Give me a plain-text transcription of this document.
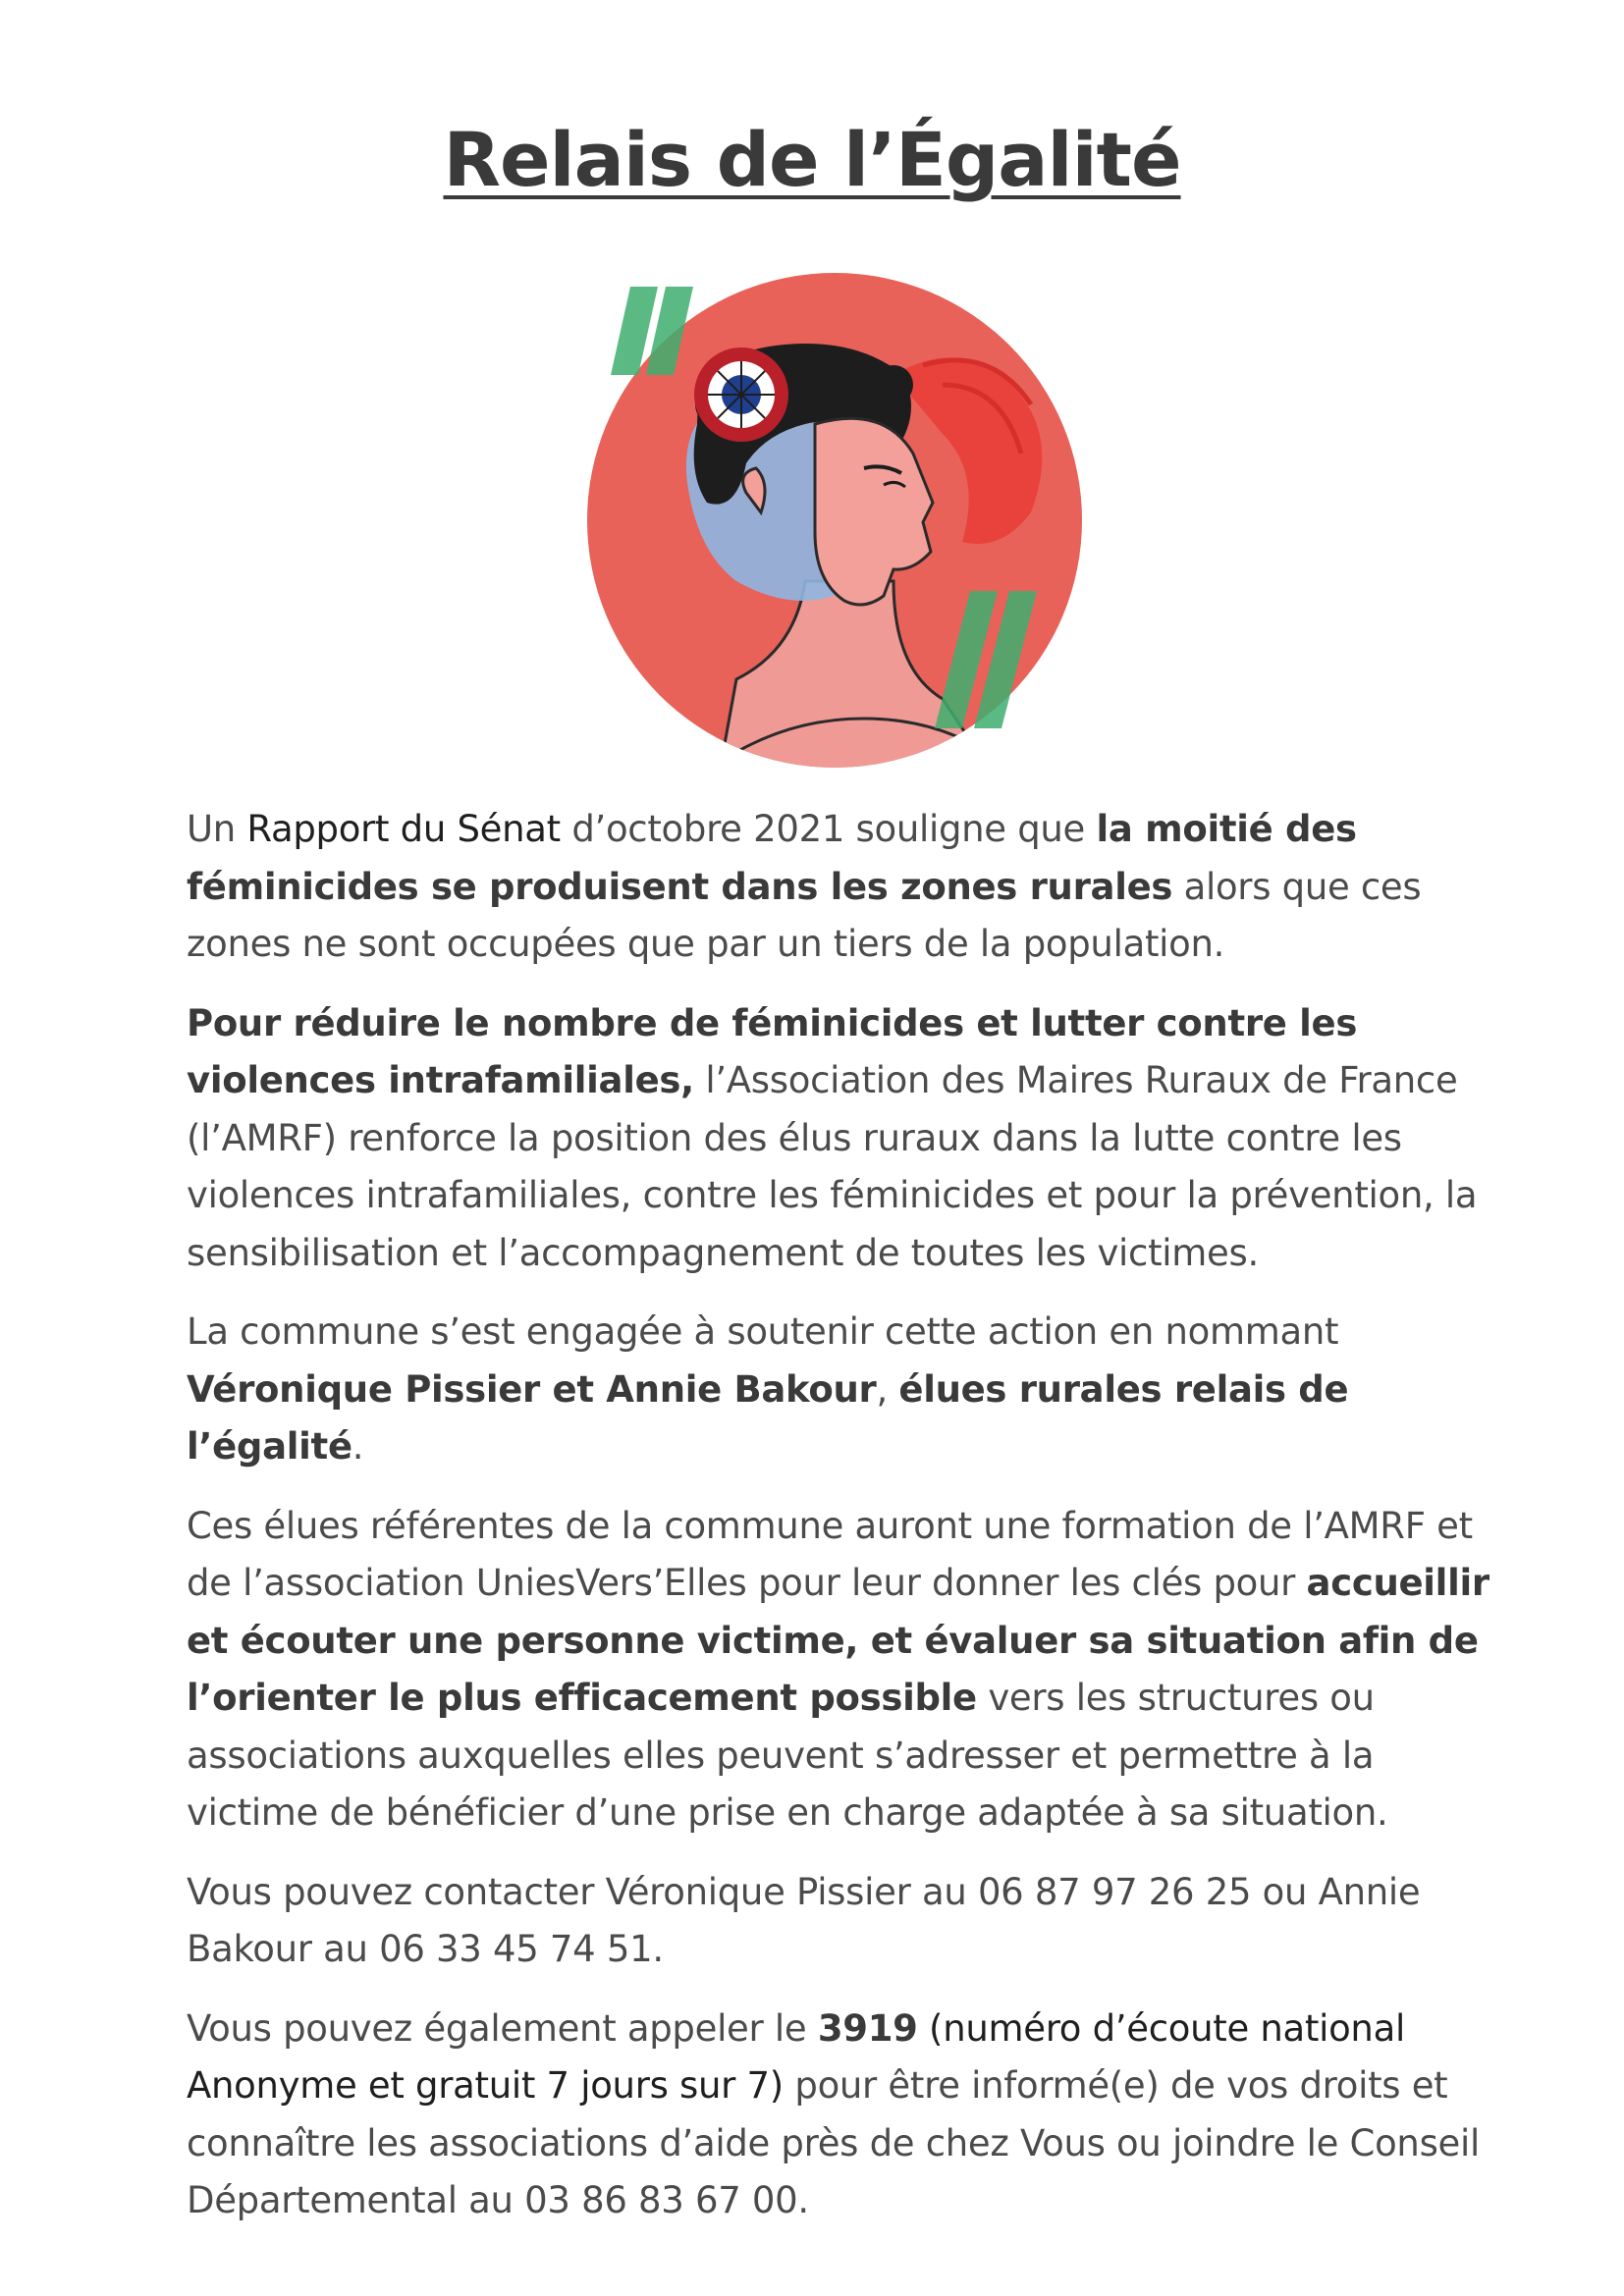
Relais de l’Égalité

Un Rapport du Sénat d’octobre 2021 souligne que la moitié des féminicides se produisent dans les zones rurales alors que ces zones ne sont occupées que par un tiers de la population.

Pour réduire le nombre de féminicides et lutter contre les violences intrafamiliales, l’Association des Maires Ruraux de France (l’AMRF) renforce la position des élus ruraux dans la lutte contre les violences intrafamiliales, contre les féminicides et pour la prévention, la sensibilisation et l’accompagnement de toutes les victimes.

La commune s’est engagée à soutenir cette action en nommant Véronique Pissier et Annie Bakour, élues rurales relais de l’égalité.

Ces élues référentes de la commune auront une formation de l’AMRF et de l’association UniesVers’Elles pour leur donner les clés pour accueillir et écouter une personne victime, et évaluer sa situation afin de l’orienter le plus efficacement possible vers les structures ou associations auxquelles elles peuvent s’adresser et permettre à la victime de bénéficier d’une prise en charge adaptée à sa situation.

Vous pouvez contacter Véronique Pissier au 06 87 97 26 25 ou Annie Bakour au 06 33 45 74 51.

Vous pouvez également appeler le 3919 (numéro d’écoute national Anonyme et gratuit 7 jours sur 7) pour être informé(e) de vos droits et connaître les associations d’aide près de chez Vous ou joindre le Conseil Départemental au 03 86 83 67 00.
